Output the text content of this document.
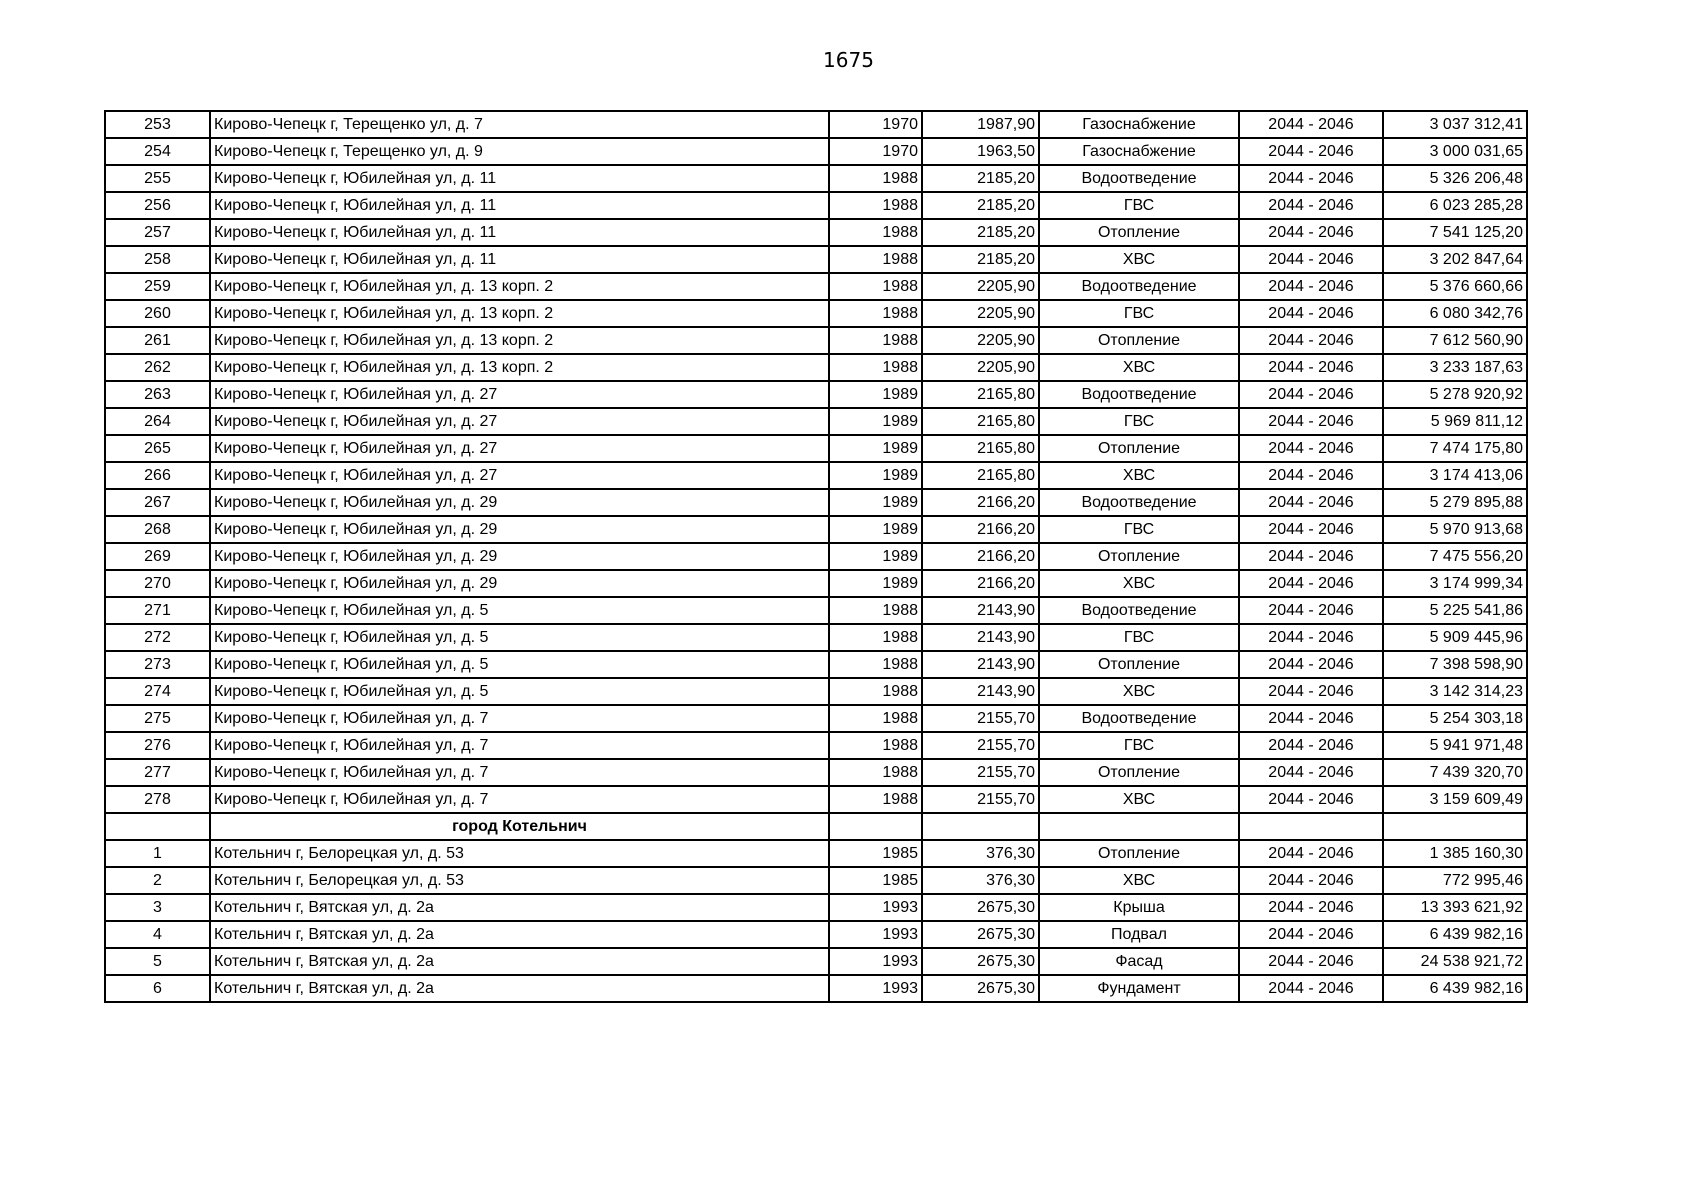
1675
253	Кирово-Чепецк г, Терещенко ул, д. 7	1970	1987,90	Газоснабжение	2044 - 2046	3 037 312,41
254	Кирово-Чепецк г, Терещенко ул, д. 9	1970	1963,50	Газоснабжение	2044 - 2046	3 000 031,65
255	Кирово-Чепецк г, Юбилейная ул, д. 11	1988	2185,20	Водоотведение	2044 - 2046	5 326 206,48
256	Кирово-Чепецк г, Юбилейная ул, д. 11	1988	2185,20	ГВС	2044 - 2046	6 023 285,28
257	Кирово-Чепецк г, Юбилейная ул, д. 11	1988	2185,20	Отопление	2044 - 2046	7 541 125,20
258	Кирово-Чепецк г, Юбилейная ул, д. 11	1988	2185,20	ХВС	2044 - 2046	3 202 847,64
259	Кирово-Чепецк г, Юбилейная ул, д. 13 корп. 2	1988	2205,90	Водоотведение	2044 - 2046	5 376 660,66
260	Кирово-Чепецк г, Юбилейная ул, д. 13 корп. 2	1988	2205,90	ГВС	2044 - 2046	6 080 342,76
261	Кирово-Чепецк г, Юбилейная ул, д. 13 корп. 2	1988	2205,90	Отопление	2044 - 2046	7 612 560,90
262	Кирово-Чепецк г, Юбилейная ул, д. 13 корп. 2	1988	2205,90	ХВС	2044 - 2046	3 233 187,63
263	Кирово-Чепецк г, Юбилейная ул, д. 27	1989	2165,80	Водоотведение	2044 - 2046	5 278 920,92
264	Кирово-Чепецк г, Юбилейная ул, д. 27	1989	2165,80	ГВС	2044 - 2046	5 969 811,12
265	Кирово-Чепецк г, Юбилейная ул, д. 27	1989	2165,80	Отопление	2044 - 2046	7 474 175,80
266	Кирово-Чепецк г, Юбилейная ул, д. 27	1989	2165,80	ХВС	2044 - 2046	3 174 413,06
267	Кирово-Чепецк г, Юбилейная ул, д. 29	1989	2166,20	Водоотведение	2044 - 2046	5 279 895,88
268	Кирово-Чепецк г, Юбилейная ул, д. 29	1989	2166,20	ГВС	2044 - 2046	5 970 913,68
269	Кирово-Чепецк г, Юбилейная ул, д. 29	1989	2166,20	Отопление	2044 - 2046	7 475 556,20
270	Кирово-Чепецк г, Юбилейная ул, д. 29	1989	2166,20	ХВС	2044 - 2046	3 174 999,34
271	Кирово-Чепецк г, Юбилейная ул, д. 5	1988	2143,90	Водоотведение	2044 - 2046	5 225 541,86
272	Кирово-Чепецк г, Юбилейная ул, д. 5	1988	2143,90	ГВС	2044 - 2046	5 909 445,96
273	Кирово-Чепецк г, Юбилейная ул, д. 5	1988	2143,90	Отопление	2044 - 2046	7 398 598,90
274	Кирово-Чепецк г, Юбилейная ул, д. 5	1988	2143,90	ХВС	2044 - 2046	3 142 314,23
275	Кирово-Чепецк г, Юбилейная ул, д. 7	1988	2155,70	Водоотведение	2044 - 2046	5 254 303,18
276	Кирово-Чепецк г, Юбилейная ул, д. 7	1988	2155,70	ГВС	2044 - 2046	5 941 971,48
277	Кирово-Чепецк г, Юбилейная ул, д. 7	1988	2155,70	Отопление	2044 - 2046	7 439 320,70
278	Кирово-Чепецк г, Юбилейная ул, д. 7	1988	2155,70	ХВС	2044 - 2046	3 159 609,49
	город Котельнич					
1	Котельнич г, Белорецкая ул, д. 53	1985	376,30	Отопление	2044 - 2046	1 385 160,30
2	Котельнич г, Белорецкая ул, д. 53	1985	376,30	ХВС	2044 - 2046	772 995,46
3	Котельнич г, Вятская ул, д. 2а	1993	2675,30	Крыша	2044 - 2046	13 393 621,92
4	Котельнич г, Вятская ул, д. 2а	1993	2675,30	Подвал	2044 - 2046	6 439 982,16
5	Котельнич г, Вятская ул, д. 2а	1993	2675,30	Фасад	2044 - 2046	24 538 921,72
6	Котельнич г, Вятская ул, д. 2а	1993	2675,30	Фундамент	2044 - 2046	6 439 982,16
